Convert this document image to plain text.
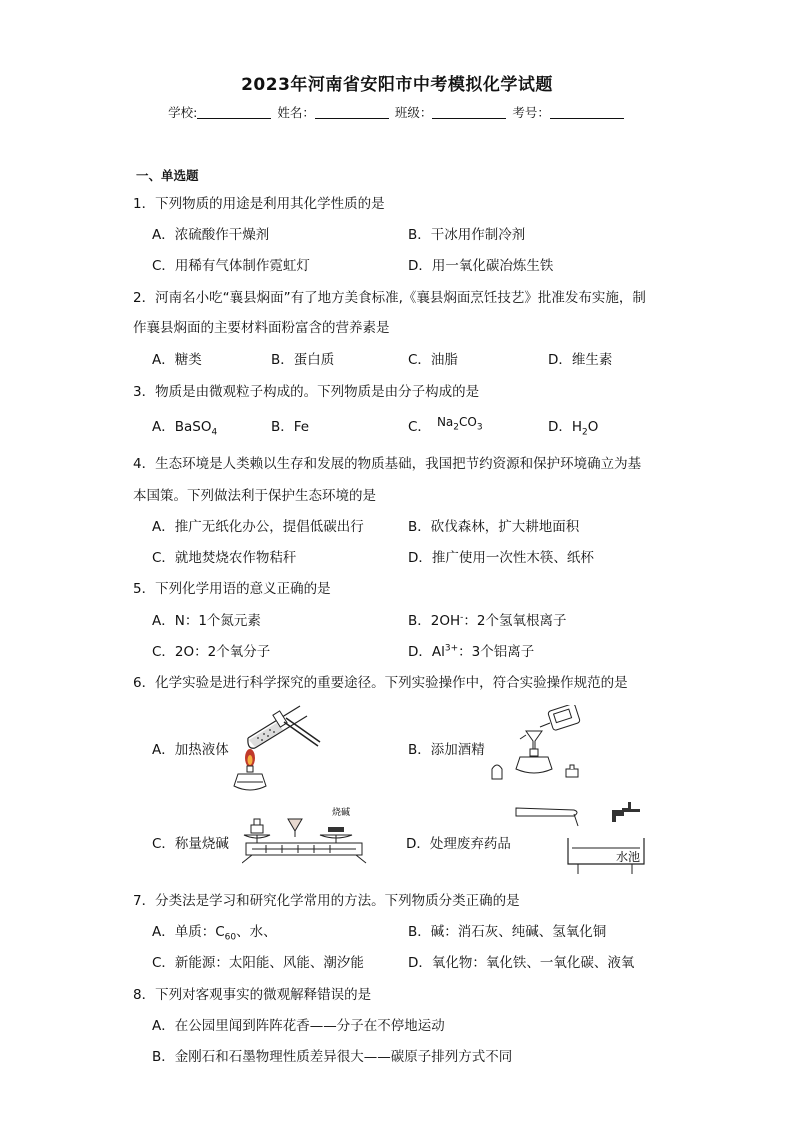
2023年河南省安阳市中考模拟化学试题
学校:	姓名：	班级：	考号：
一、单选题
1．下列物质的用途是利用其化学性质的是
A．浓硫酸作干燥剂	B．干冰用作制冷剂
C．用稀有气体制作霓虹灯	D．用一氧化碳冶炼生铁
2．河南名小吃“襄县焖面”有了地方美食标准,《襄县焖面烹饪技艺》批准发布实施，制
作襄县焖面的主要材料面粉富含的营养素是
A．糖类	B．蛋白质	C．油脂	D．维生素
3．物质是由微观粒子构成的。下列物质是由分子构成的是
A．BaSO$_4$	B．Fe	C． $Na_2CO_3$	D．$H_2O$
4．生态环境是人类赖以生存和发展的物质基础，我国把节约资源和保护环境确立为基
本国策。下列做法利于保护生态环境的是
A．推广无纸化办公，提倡低碳出行	B．砍伐森林，扩大耕地面积
C．就地焚烧农作物秸秆	D．推广使用一次性木筷、纸杯
5．下列化学用语的意义正确的是
A．N：1个氮元素	B．2OH-：2个氢氧根离子
C．2O：2个氧分子	D．$Al^{3+}$：3个铝离子
6．化学实验是进行科学探究的重要途径。下列实验操作中，符合实验操作规范的是
A．加热液体	B．添加酒精
C．称量烧碱	D．处理废弃药品
烧碱
水池
7．分类法是学习和研究化学常用的方法。下列物质分类正确的是
A．单质：$C_{60}$、水、	B．碱：消石灰、纯碱、氢氧化铜
C．新能源：太阳能、风能、潮汐能	D．氧化物：氧化铁、一氧化碳、液氧
8．下列对客观事实的微观解释错误的是
A．在公园里闻到阵阵花香——分子在不停地运动
B．金刚石和石墨物理性质差异很大——碳原子排列方式不同
